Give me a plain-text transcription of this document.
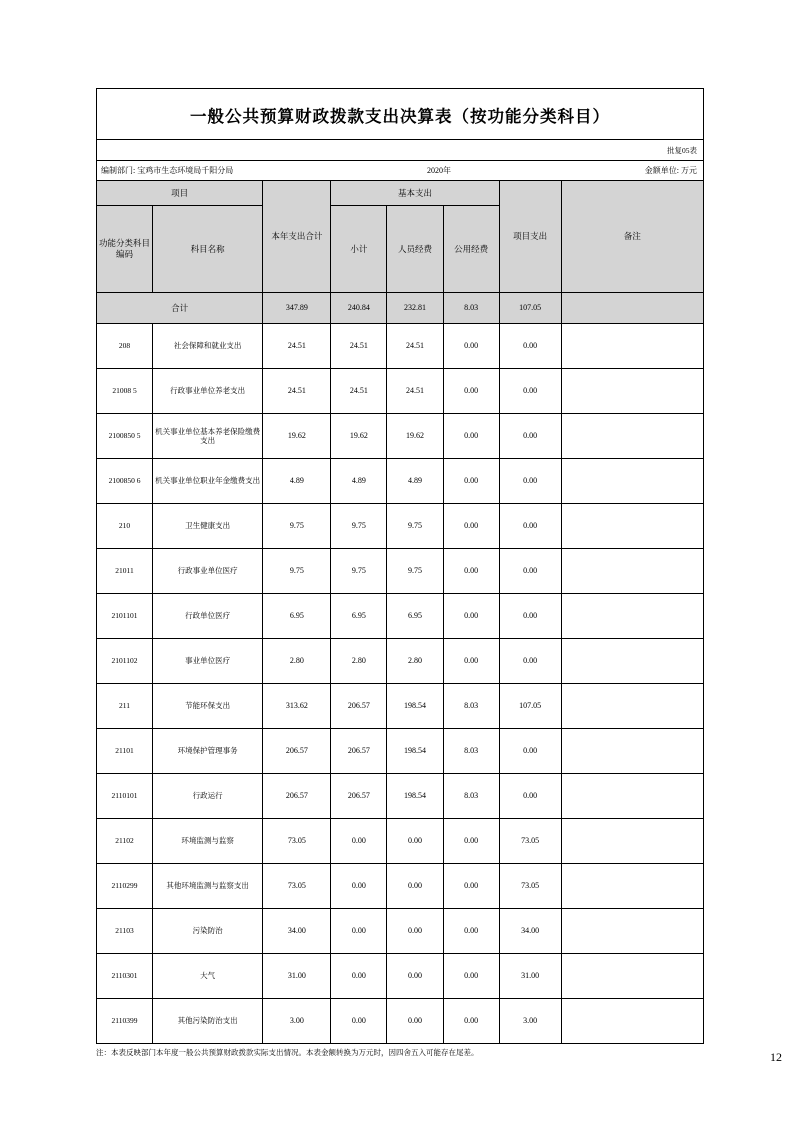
一般公共预算财政拨款支出决算表（按功能分类科目）
批复05表
编制部门: 宝鸡市生态环境局千阳分局	2020年	金额单位: 万元
项目		本年支出合计	基本支出			项目支出	备注

功能分类科目编码	科目名称		小计	人员经费	公用经费		
合计		347.89	240.84	232.81	8.03	107.05	
208	社会保障和就业支出	24.51	24.51	24.51	0.00	0.00	
21008 5	行政事业单位养老支出	24.51	24.51	24.51	0.00	0.00	
2100850 5	机关事业单位基本养老保险缴费支出	19.62	19.62	19.62	0.00	0.00	
2100850 6	机关事业单位职业年金缴费支出	4.89	4.89	4.89	0.00	0.00	
210	卫生健康支出	9.75	9.75	9.75	0.00	0.00	
21011	行政事业单位医疗	9.75	9.75	9.75	0.00	0.00	
2101101	行政单位医疗	6.95	6.95	6.95	0.00	0.00	
2101102	事业单位医疗	2.80	2.80	2.80	0.00	0.00	
211	节能环保支出	313.62	206.57	198.54	8.03	107.05	
21101	环境保护管理事务	206.57	206.57	198.54	8.03	0.00	
2110101	行政运行	206.57	206.57	198.54	8.03	0.00	
21102	环境监测与监察	73.05	0.00	0.00	0.00	73.05	
2110299	其他环境监测与监察支出	73.05	0.00	0.00	0.00	73.05	
21103	污染防治	34.00	0.00	0.00	0.00	34.00	
2110301	大气	31.00	0.00	0.00	0.00	31.00	
2110399	其他污染防治支出	3.00	0.00	0.00	0.00	3.00	
注：本表反映部门本年度一般公共预算财政拨款实际支出情况。本表金额转换为万元时，因四舍五入可能存在尾差。	12
